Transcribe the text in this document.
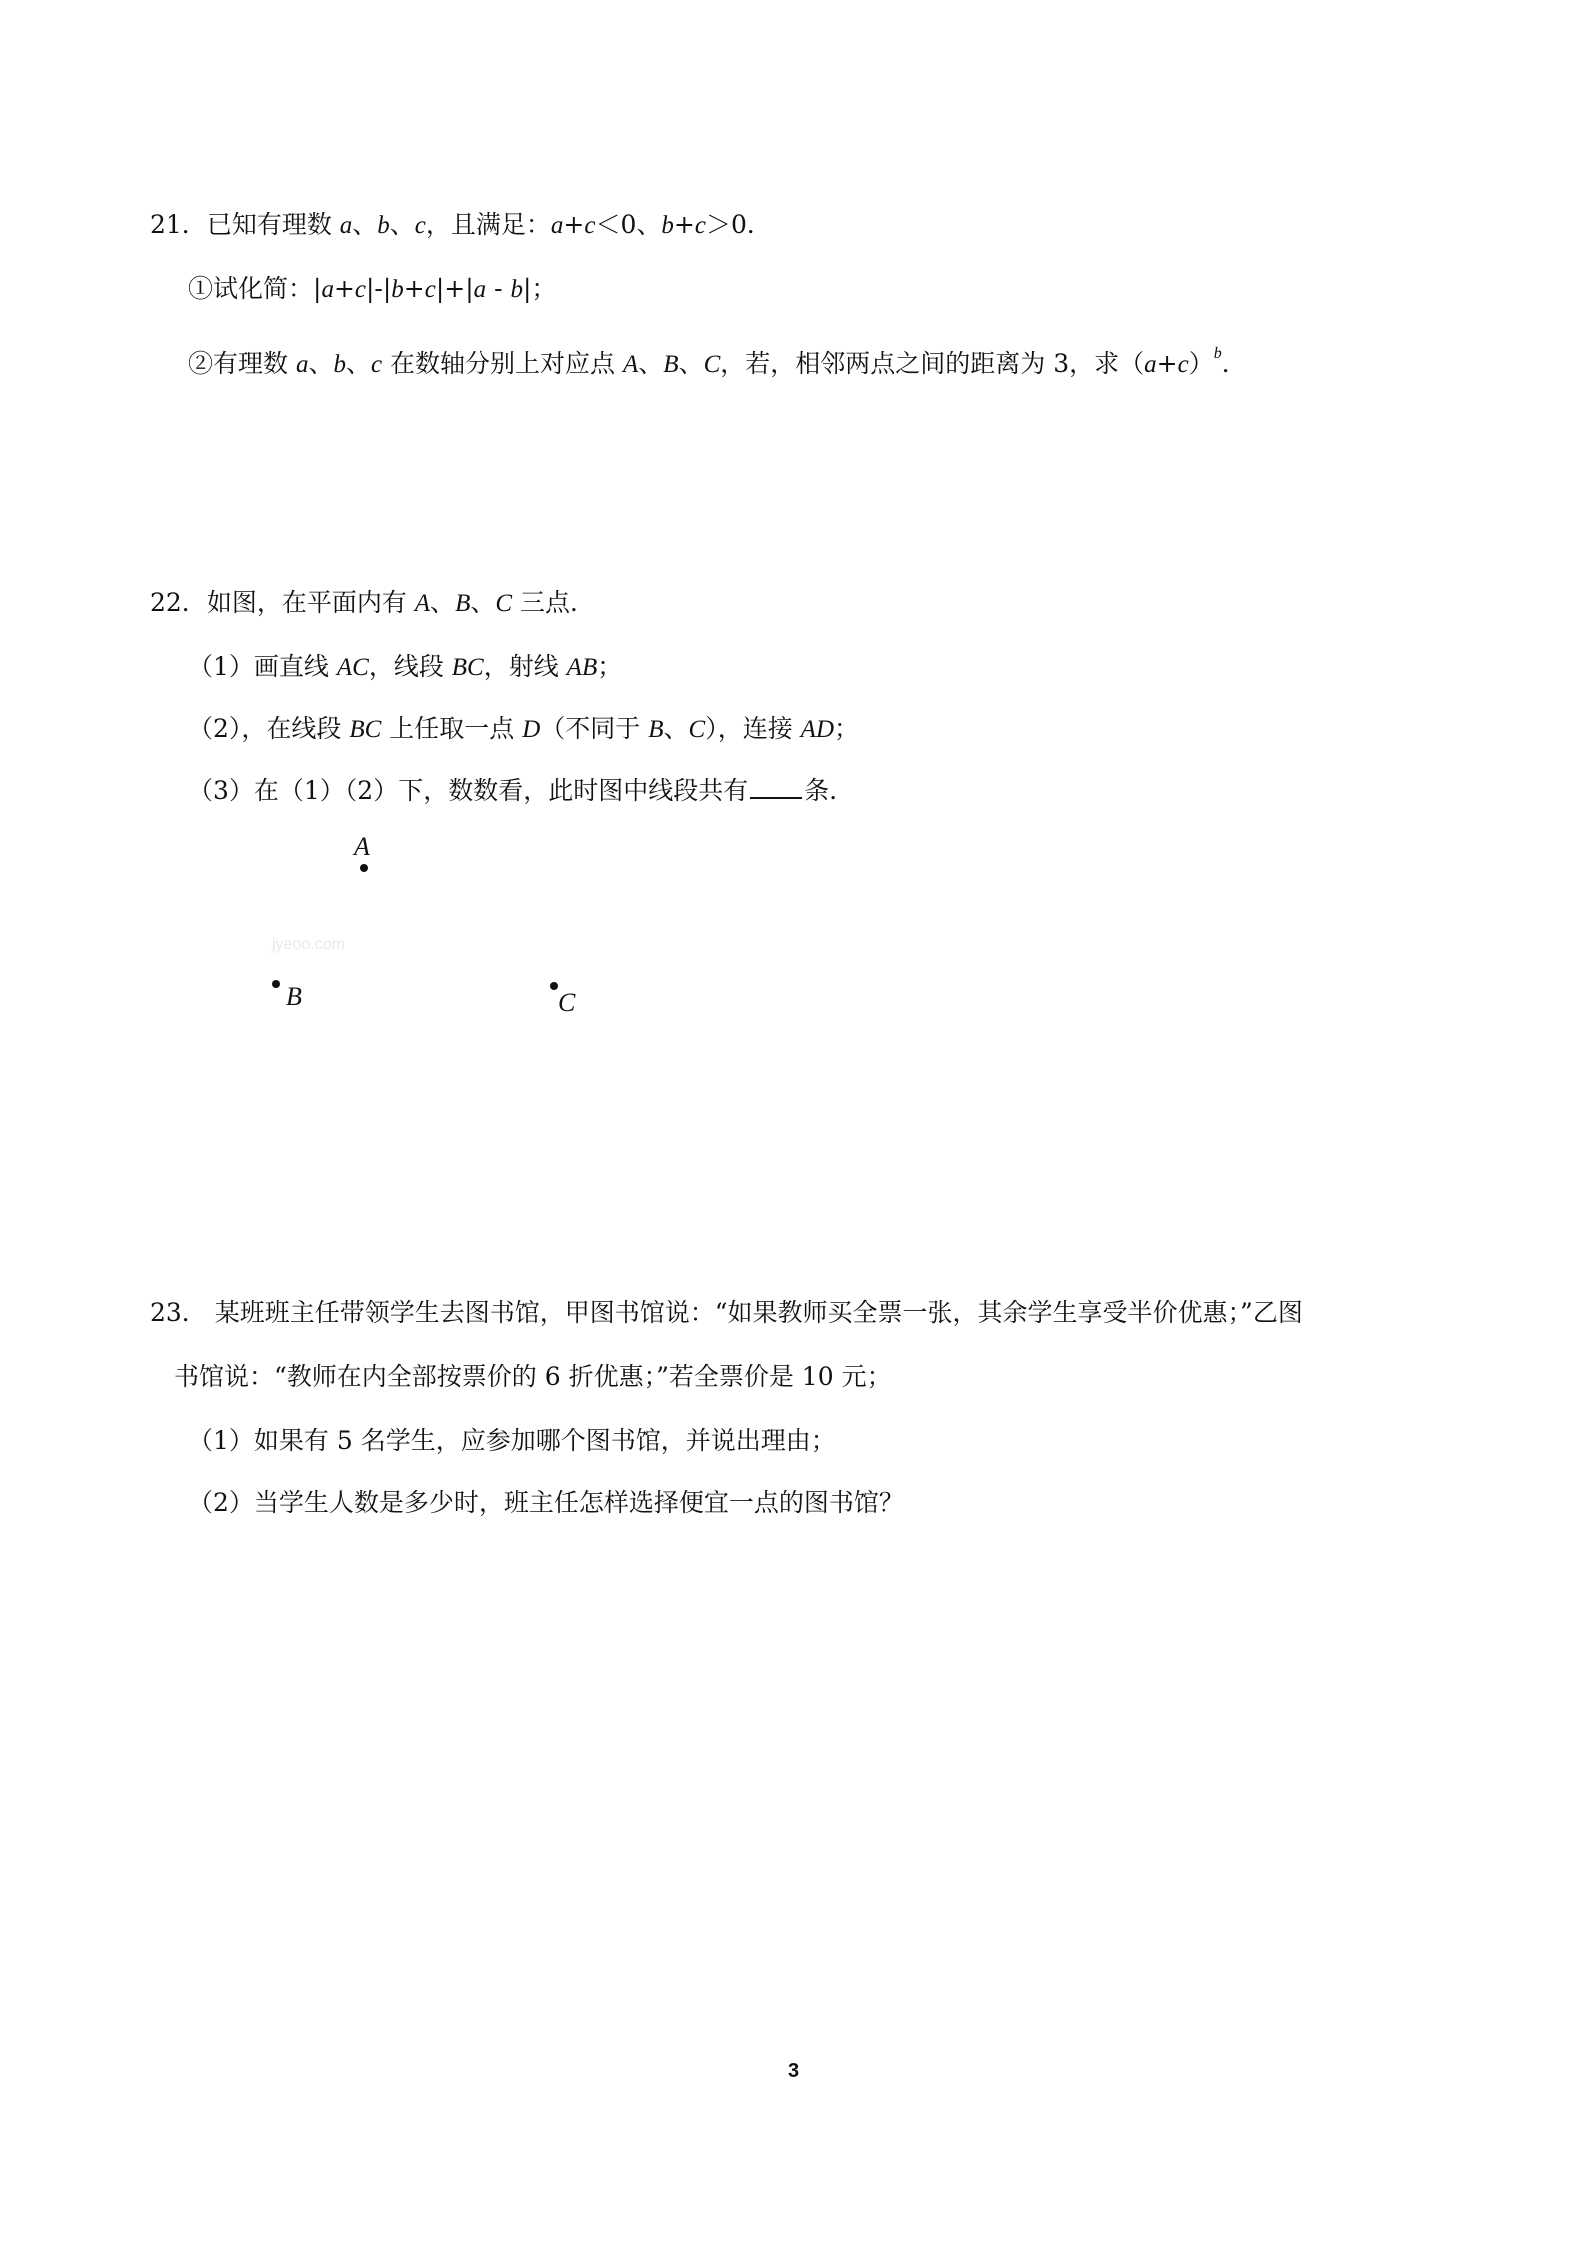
21．已知有理数 a、b、c，且满足：a+c＜0、b+c＞0．
①试化简：|a+c|-|b+c|+|a ‑ b|；
②有理数 a、b、c 在数轴分别上对应点 A、B、C，若，相邻两点之间的距离为 3，求$(a+c)^b$．
22．如图，在平面内有 A、B、C 三点．
（1）画直线 AC，线段 BC，射线 AB；
（2），在线段 BC 上任取一点 D（不同于 B、C），连接 AD；
（3）在（1）（2）下，数数看，此时图中线段共有 条．
A
jyeoo.com
B	C
23． 某班班主任带领学生去图书馆，甲图书馆说：“如果教师买全票一张，其余学生享受半价优惠；”乙图
书馆说：“教师在内全部按票价的 6 折优惠；”若全票价是 10 元；
（1）如果有 5 名学生，应参加哪个图书馆，并说出理由；
（2）当学生人数是多少时，班主任怎样选择便宜一点的图书馆？
3
